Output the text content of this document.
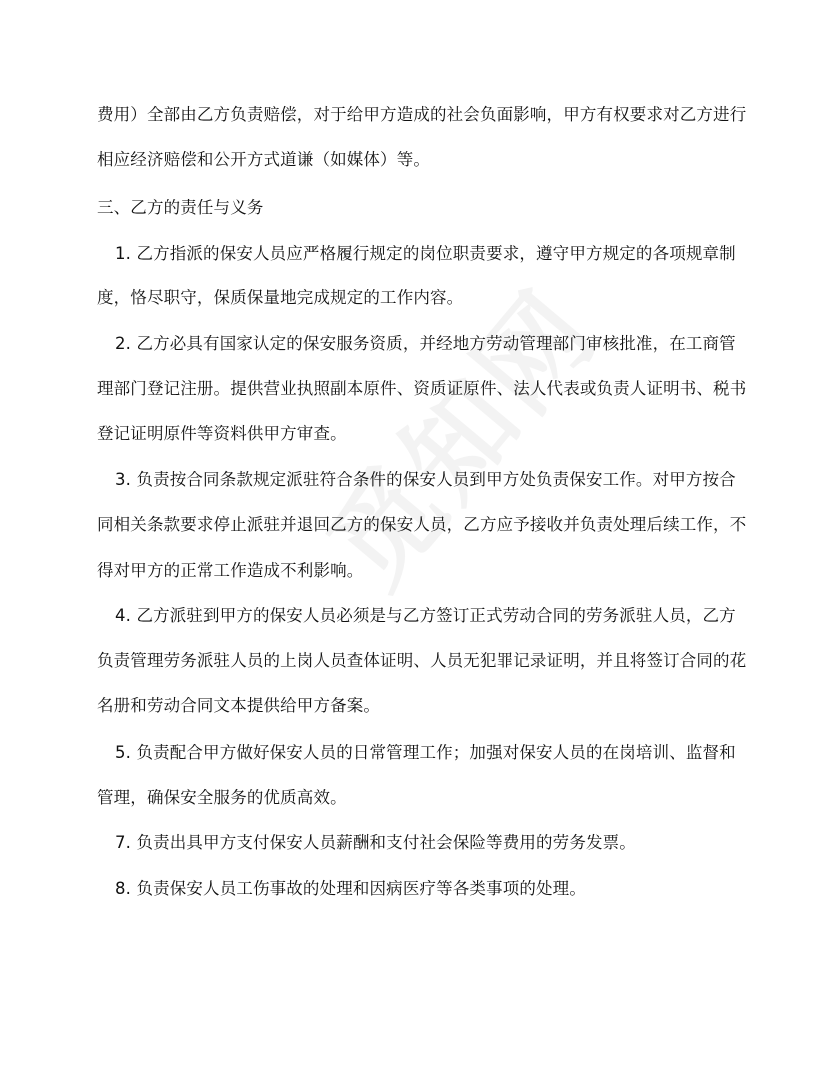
费用）全部由乙方负责赔偿，对于给甲方造成的社会负面影响，甲方有权要求对乙方进行
相应经济赔偿和公开方式道谦（如媒体）等。
三、乙方的责任与义务
1. 乙方指派的保安人员应严格履行规定的岗位职责要求，遵守甲方规定的各项规章制
度，恪尽职守，保质保量地完成规定的工作内容。
2. 乙方必具有国家认定的保安服务资质，并经地方劳动管理部门审核批准，在工商管
理部门登记注册。提供营业执照副本原件、资质证原件、法人代表或负责人证明书、税书
登记证明原件等资料供甲方审查。
3. 负责按合同条款规定派驻符合条件的保安人员到甲方处负责保安工作。对甲方按合
同相关条款要求停止派驻并退回乙方的保安人员，乙方应予接收并负责处理后续工作，不
得对甲方的正常工作造成不利影响。
4. 乙方派驻到甲方的保安人员必须是与乙方签订正式劳动合同的劳务派驻人员，乙方
负责管理劳务派驻人员的上岗人员查体证明、人员无犯罪记录证明，并且将签订合同的花
名册和劳动合同文本提供给甲方备案。
5. 负责配合甲方做好保安人员的日常管理工作；加强对保安人员的在岗培训、监督和
管理，确保安全服务的优质高效。
7. 负责出具甲方支付保安人员薪酬和支付社会保险等费用的劳务发票。
8. 负责保安人员工伤事故的处理和因病医疗等各类事项的处理。
